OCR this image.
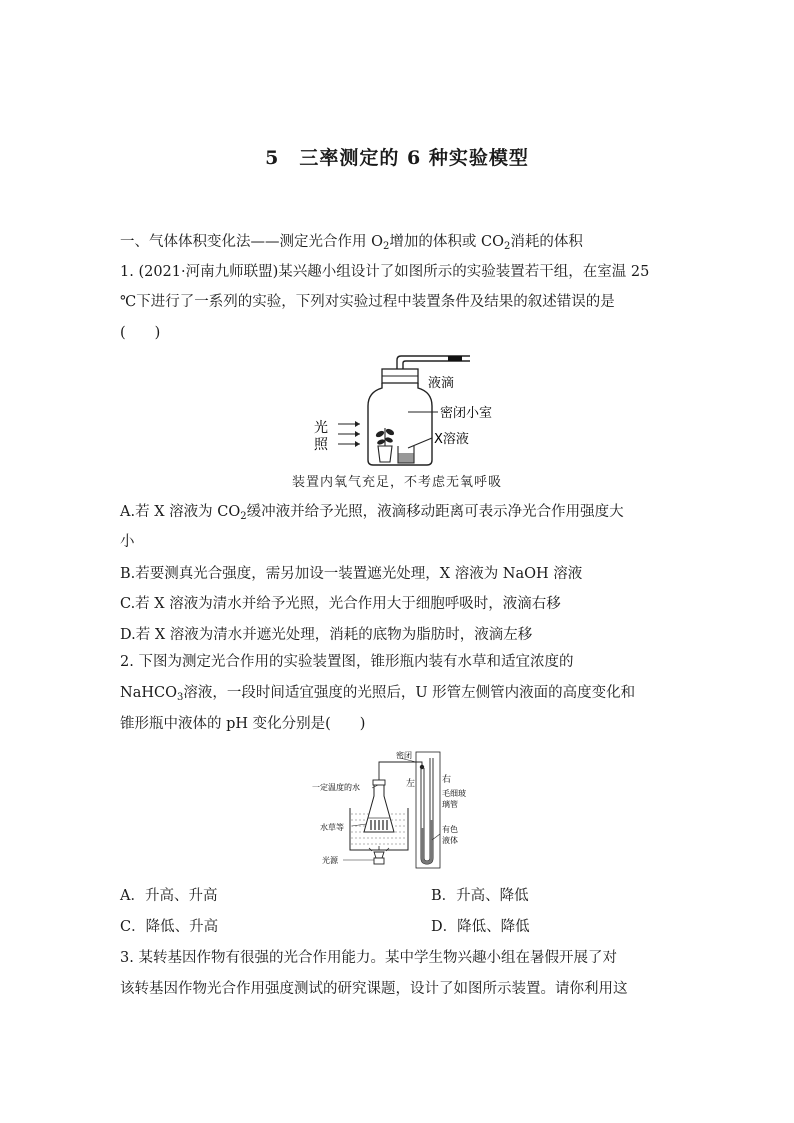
5　三率测定的 6 种实验模型
一、气体体积变化法——测定光合作用 $O_2$增加的体积或 $CO_2$消耗的体积
1. (2021·河南九师联盟)某兴趣小组设计了如图所示的实验装置若干组，在室温 25
℃下进行了一系列的实验，下列对实验过程中装置条件及结果的叙述错误的是
(　　)
光
照
液滴
密闭小室
X溶液
装置内氧气充足，不考虑无氧呼吸
A.若 X 溶液为 $CO_2$缓冲液并给予光照，液滴移动距离可表示净光合作用强度大
小
B.若要测真光合强度，需另加设一装置遮光处理，X 溶液为 NaOH 溶液
C.若 X 溶液为清水并给予光照，光合作用大于细胞呼吸时，液滴右移
D.若 X 溶液为清水并遮光处理，消耗的底物为脂肪时，液滴左移
2. 下图为测定光合作用的实验装置图，锥形瓶内装有水草和适宜浓度的
NaHCO$_3$溶液，一段时间适宜强度的光照后，U 形管左侧管内液面的高度变化和
锥形瓶中液体的 pH 变化分别是(　　)
密闭
一定温度的水	左	右
毛细玻
璃管
水草等	有色
液体
光源
A．升高、升高	B．升高、降低
C．降低、升高	D．降低、降低
3. 某转基因作物有很强的光合作用能力。某中学生物兴趣小组在暑假开展了对
该转基因作物光合作用强度测试的研究课题，设计了如图所示装置。请你利用这
